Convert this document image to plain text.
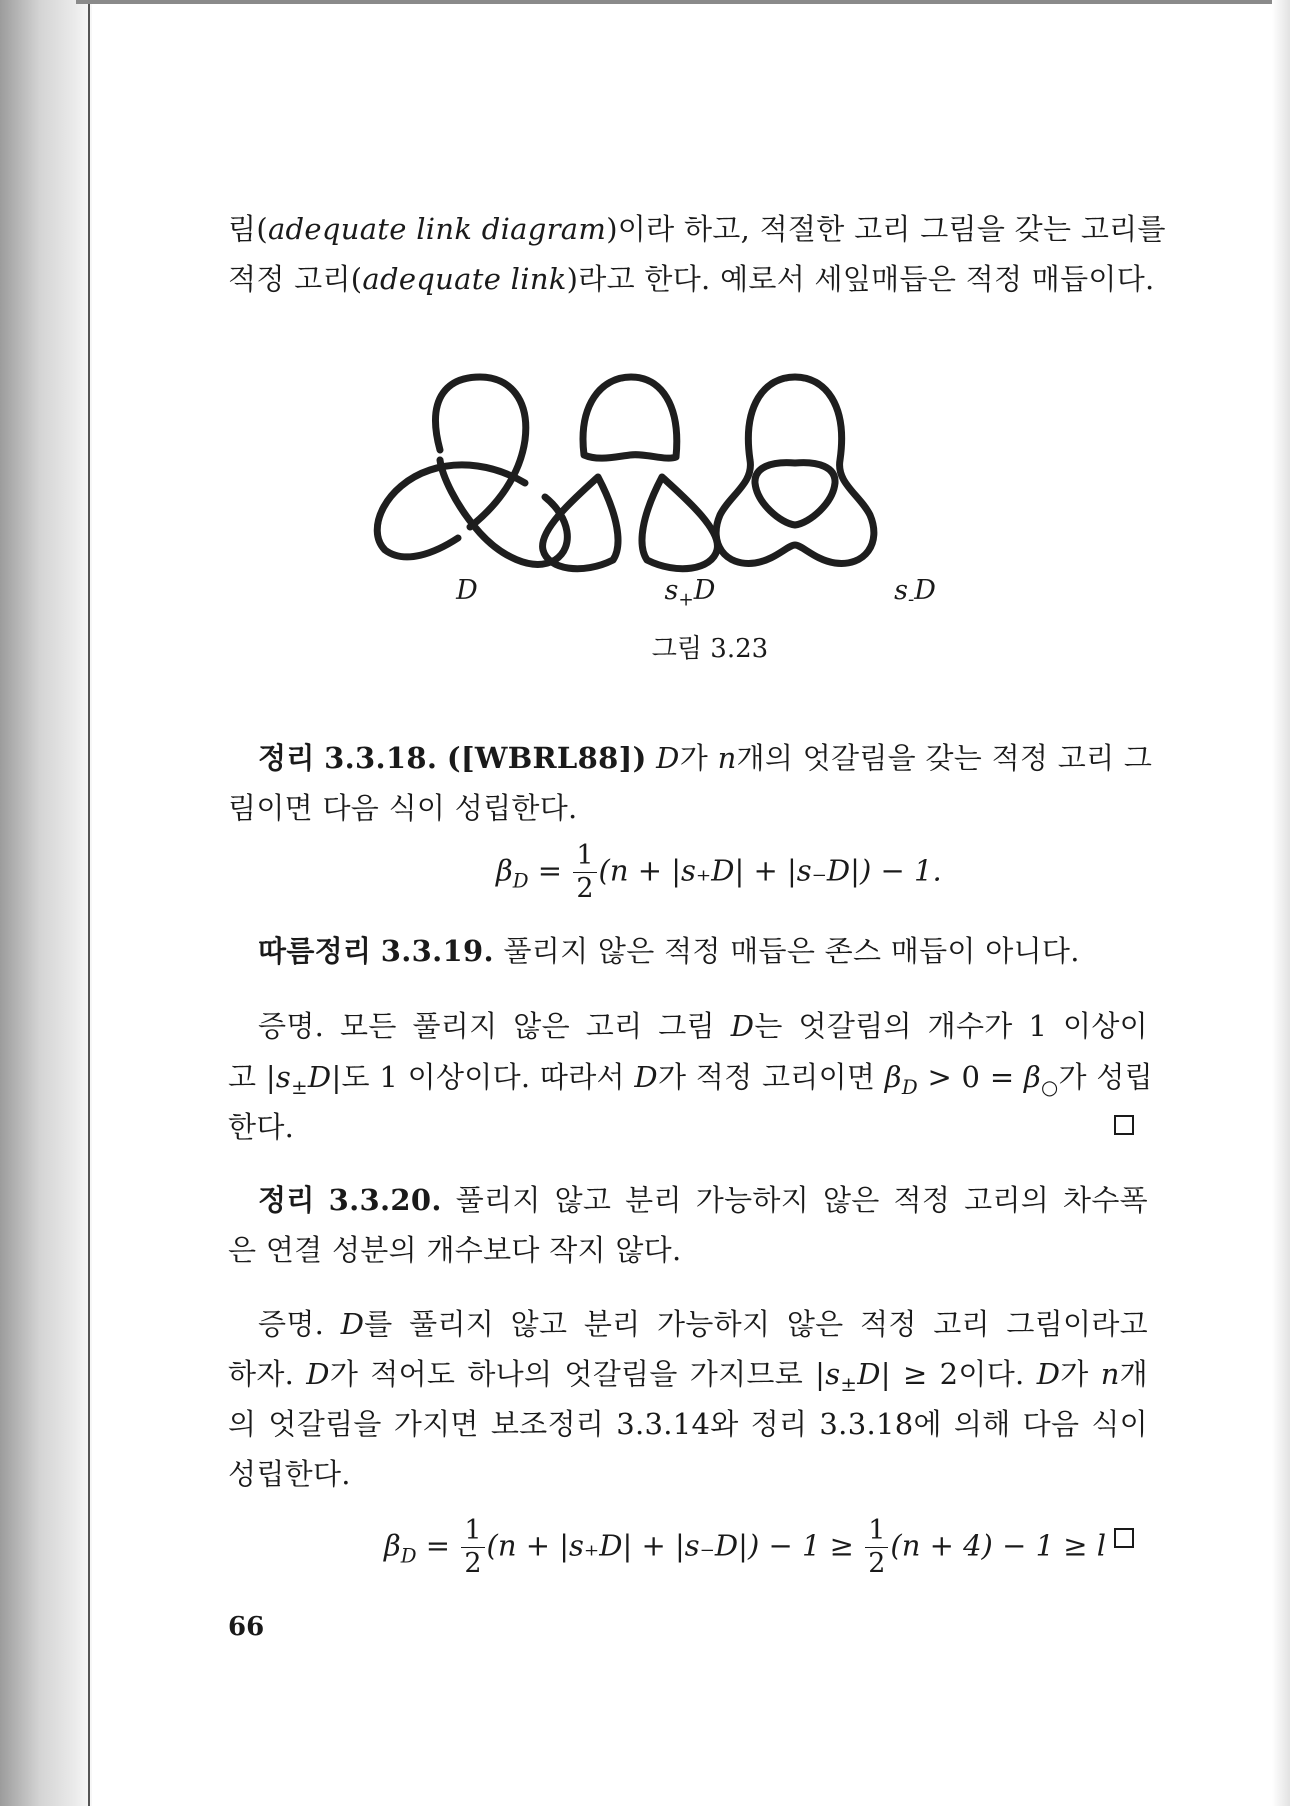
림(adequate link diagram)이라 하고, 적절한 고리 그림을 갖는 고리를
적정 고리(adequate link)라고 한다. 예로서 세잎매듭은 적정 매듭이다.
D	$s_+D$	$s_-D$
그림 3.23
정리 3.3.18. ([WBRL88]) D가 n개의 엇갈림을 갖는 적정 고리 그
림이면 다음 식이 성립한다.
$\beta_D = \frac{1}{2} (n + |s_+D| + |s_-D|) - 1$.
따름정리 3.3.19. 풀리지 않은 적정 매듭은 존스 매듭이 아니다.
증명. 모든 풀리지 않은 고리 그림 D는 엇갈림의 개수가 1 이상이
고 $|s_\pm D|$도 1 이상이다. 따라서 D가 적정 고리이면 $\beta_D > 0 = \beta_○$가 성립
한다.
정리 3.3.20. 풀리지 않고 분리 가능하지 않은 적정 고리의 차수폭
은 연결 성분의 개수보다 작지 않다.
증명. D를 풀리지 않고 분리 가능하지 않은 적정 고리 그림이라고
하자. D가 적어도 하나의 엇갈림을 가지므로 $|s_\pm D| \ge 2$이다. D가 n개
의 엇갈림을 가지면 보조정리 3.3.14와 정리 3.3.18에 의해 다음 식이
성립한다.
$\beta_D = \frac{1}{2} (n + |s_+D| + |s_-D|) - 1 \ge \frac{1}{2} (n + 4) - 1 \ge l$
66
